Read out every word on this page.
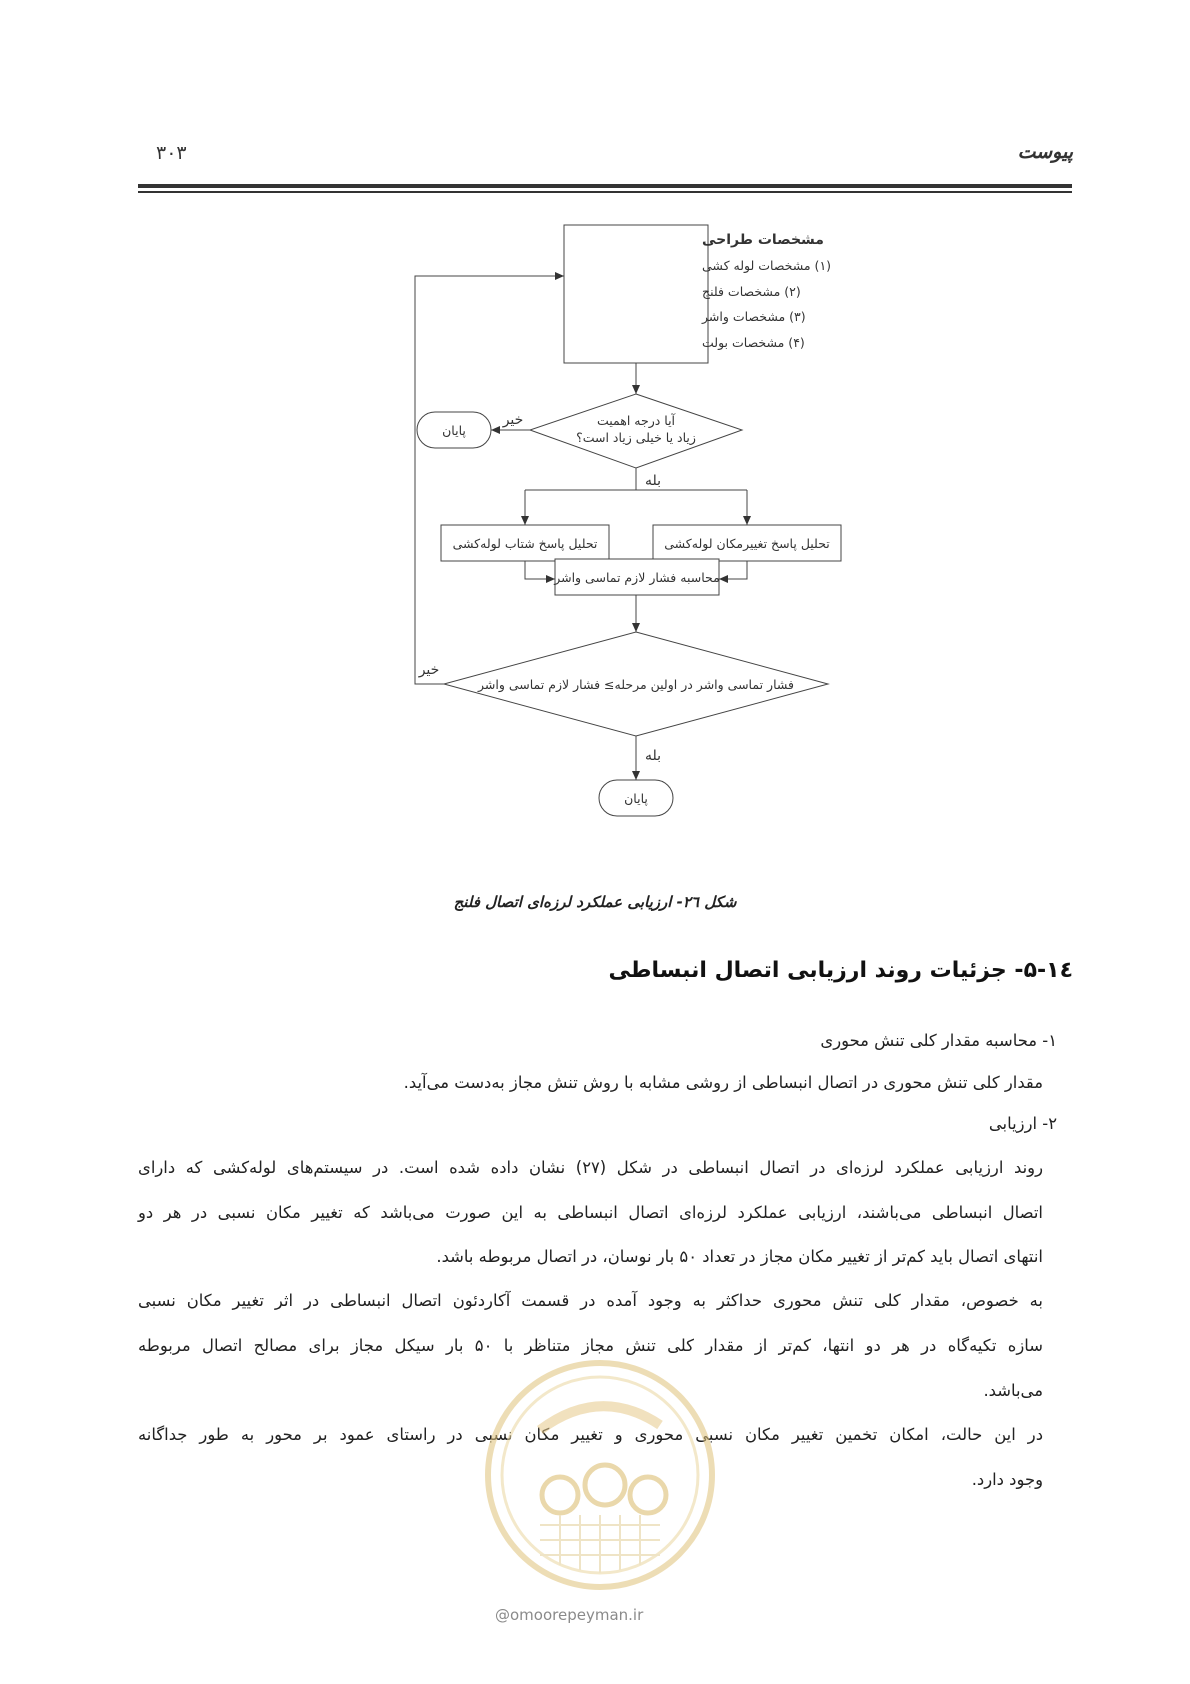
پیوست
۳۰۳
مشخصات طراحی
(۱) مشخصات لوله کشی
(۲) مشخصات فلنج
(۳) مشخصات واشر
(۴) مشخصات بولت
آیا درجه اهمیت
زیاد یا خیلی زیاد است؟
پایان
تحلیل پاسخ شتاب لوله‌کشی	تحلیل پاسخ تغییرمکان لوله‌کشی
محاسبه فشار لازم تماسی واشر
فشار تماسی واشر در اولین مرحله≥ فشار لازم تماسی واشر
پایان
خیر
بله
خیر
بله
شکل ۲٦- ارزیابی عملکرد لرزه‌ای اتصال فلنج
۱٤-۵- جزئیات روند ارزیابی اتصال انبساطی
۱- محاسبه مقدار کلی تنش محوری
مقدار کلی تنش محوری در اتصال انبساطی از روشی مشابه با روش تنش مجاز به‌دست می‌آید.
۲- ارزیابی
روند ارزیابی عملکرد لرزه‌ای در اتصال انبساطی در شکل (۲۷) نشان داده شده است. در سیستم‌های لوله‌کشی که دارای
اتصال انبساطی می‌باشند، ارزیابی عملکرد لرزه‌ای اتصال انبساطی به این صورت می‌باشد که تغییر مکان نسبی در هر دو
انتهای اتصال باید کم‌تر از تغییر مکان مجاز در تعداد ۵۰ بار نوسان، در اتصال مربوطه باشد.
به خصوص، مقدار کلی تنش محوری حداکثر به وجود آمده در قسمت آکاردئون اتصال انبساطی در اثر تغییر مکان نسبی
سازه تکیه‌گاه در هر دو انتها، کم‌تر از مقدار کلی تنش مجاز متناظر با ۵۰ بار سیکل مجاز برای مصالح اتصال مربوطه
می‌باشد.
در این حالت، امکان تخمین تغییر مکان نسبی محوری و تغییر مکان نسبی در راستای عمود بر محور به طور جداگانه
وجود دارد.
@omoorepeyman.ir
